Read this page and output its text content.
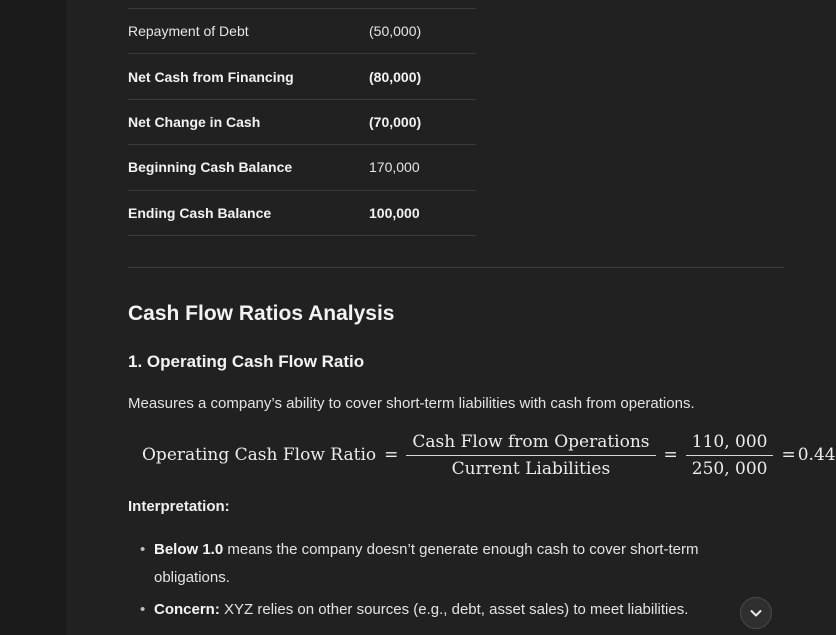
Repayment of Debt	(50,000)
Net Cash from Financing	(80,000)
Net Change in Cash	(70,000)
Beginning Cash Balance	170,000
Ending Cash Balance	100,000
Cash Flow Ratios Analysis
1. Operating Cash Flow Ratio

Measures a company’s ability to cover short-term liabilities with cash from operations.

Operating Cash Flow Ratio = $\frac{\text{Cash Flow from Operations}}{\text{Current Liabilities}} = \frac{110, 000}{250, 000} = 0.44$

Interpretation:

• Below 1.0 means the company doesn’t generate enough cash to cover short-term obligations.
• Concern: XYZ relies on other sources (e.g., debt, asset sales) to meet liabilities.
